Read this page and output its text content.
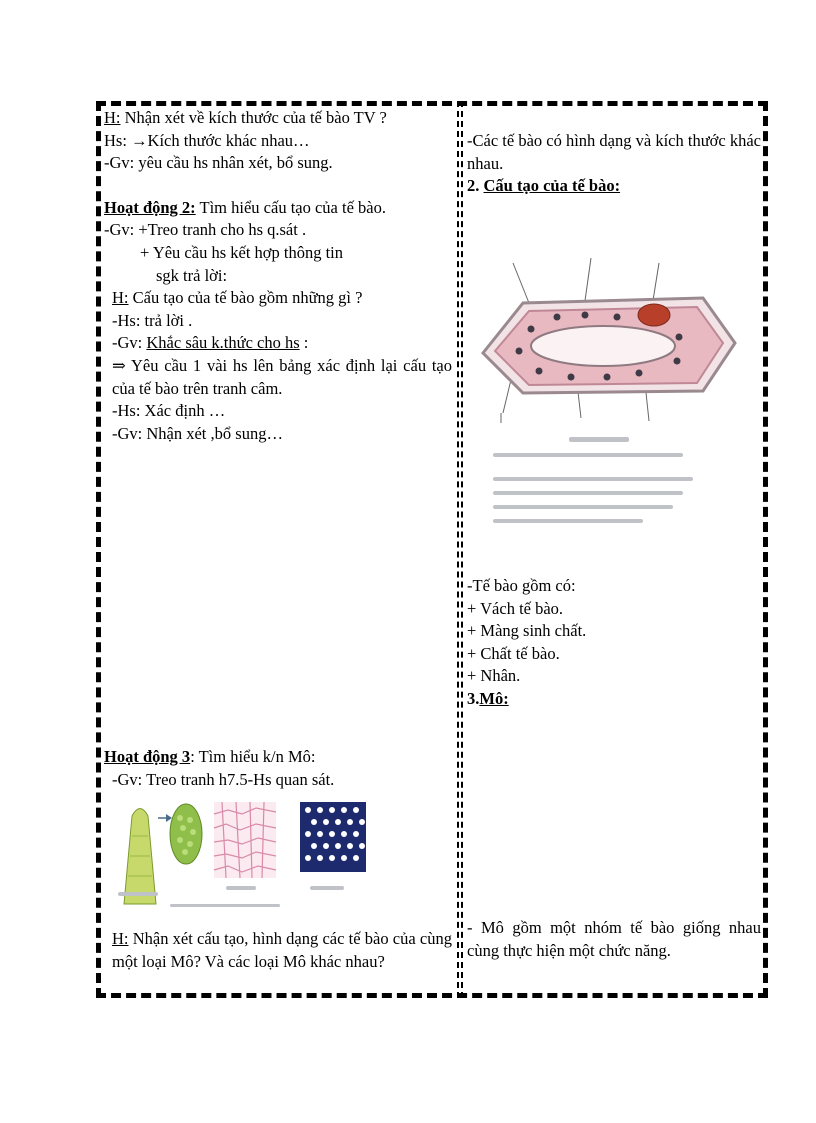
H: Nhận xét về kích thước của tế bào TV ?
Hs: →Kích thước khác nhau…
-Gv: yêu cầu hs nhân xét, bổ sung.
Hoạt động 2: Tìm hiểu cấu tạo của tế bào.
-Gv: +Treo tranh cho hs q.sát .
+ Yêu cầu hs kết hợp thông tin
sgk trả lời:
H: Cấu tạo của tế bào gồm những gì ?
-Hs: trả lời .
-Gv: Khắc sâu k.thức cho hs :
⇒ Yêu cầu 1 vài hs lên bảng xác định lại cấu tạo của tế bào trên tranh câm.
-Hs: Xác định …
-Gv: Nhận xét ,bổ sung…
Hoạt động 3: Tìm hiểu k/n Mô:
-Gv: Treo tranh h7.5-Hs quan sát.
H: Nhận xét cấu tạo, hình dạng các tế bào của cùng một loại Mô? Và các loại Mô khác nhau?
-Các tế bào có hình dạng và kích thước khác nhau.
2. Cấu tạo của tế bào:
-Tế bào gồm có:
+ Vách tế bào.
+ Màng sinh chất.
+ Chất tế bào.
+ Nhân.
3.Mô:
- Mô gồm một nhóm tế bào giống nhau cùng thực hiện một chức năng.
